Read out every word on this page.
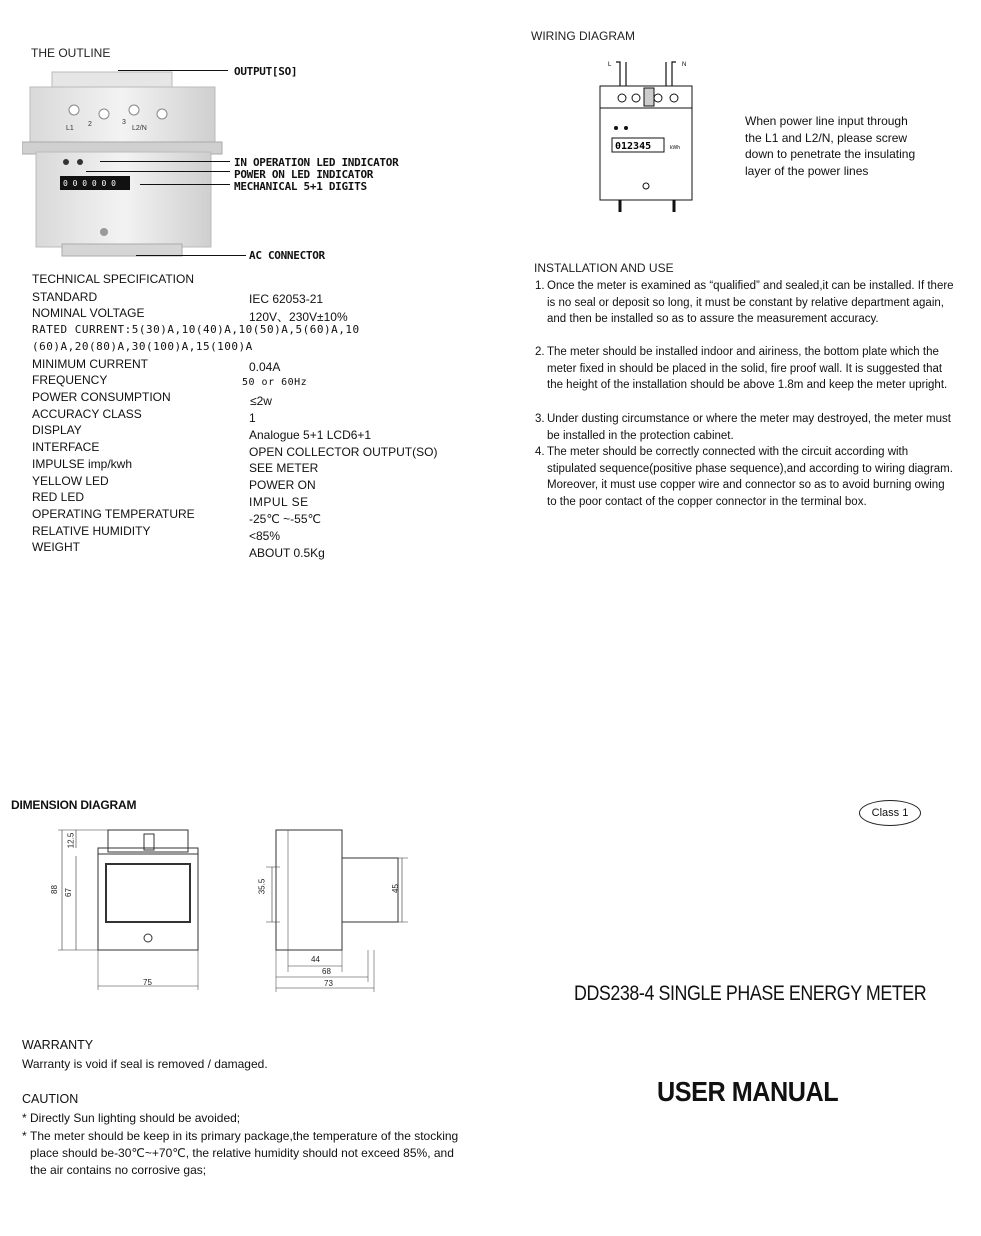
THE OUTLINE
L1
2	3
L2/N
0 0 0 0 0 0
OUTPUT[SO]
IN OPERATION LED INDICATOR
POWER ON LED INDICATOR
MECHANICAL 5+1 DIGITS
AC CONNECTOR
TECHNICAL SPECIFICATION
STANDARD	IEC 62053-21
NOMINAL VOLTAGE	120V、230V±10%
RATED CURRENT:5(30)A,10(40)A,10(50)A,5(60)A,10
(60)A,20(80)A,30(100)A,15(100)A
MINIMUM CURRENT	0.04A
FREQUENCY	50 or 60Hz
POWER CONSUMPTION	≤2w
ACCURACY CLASS	1
DISPLAY	Analogue 5+1 LCD6+1
INTERFACE	OPEN COLLECTOR OUTPUT(SO)
IMPULSE imp/kwh	SEE METER
YELLOW LED	POWER ON
RED LED	IMPUL SE
OPERATING TEMPERATURE	-25℃ ~-55℃
RELATIVE HUMIDITY	<85%
WEIGHT	ABOUT 0.5Kg
WIRING DIAGRAM
L	N
012345	kWh
When power line input through
the L1 and L2/N, please screw
down to penetrate the insulating
layer of the power lines
INSTALLATION AND USE
1. Once the meter is examined as “qualified” and sealed,it can be installed. If there is no seal or deposit so long, it must be constant by relative department again, and then be installed so as to assure the measurement accuracy.
2. The meter should be installed indoor and airiness, the bottom plate which the meter fixed in should be placed in the solid, fire proof wall. It is suggested that the height of the installation should be above 1.8m and keep the meter upright.
3. Under dusting circumstance or where the meter may destroyed, the meter must be installed in the protection cabinet.
4. The meter should be correctly connected with the circuit according with stipulated sequence(positive phase sequence),and according to wiring diagram. Moreover, it must use copper wire and connector so as to avoid burning owing to the poor contact of the copper connector in the terminal box.
DIMENSION DIAGRAM
12.5
88 67
75
35.5	45
44
68
73
Class 1
DDS238-4 SINGLE PHASE ENERGY METER
USER MANUAL
WARRANTY
Warranty is void if seal is removed / damaged.
CAUTION
* Directly Sun lighting should be avoided;
* The meter should be keep in its primary package,the temperature of the stocking place should be-30℃~+70℃, the relative humidity should not exceed 85%, and the air contains no corrosive gas;
